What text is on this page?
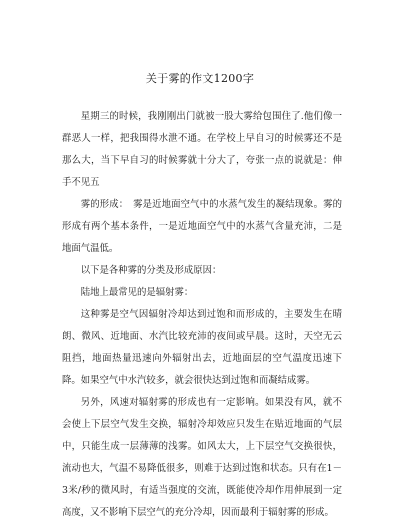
关于雾的作文1200字

星期三的时候，我刚刚出门就被一股大雾给包围住了.他们像一群恶人一样，把我围得水泄不通。在学校上早自习的时候雾还不是那么大，当下早自习的时候雾就十分大了，夸张一点的说就是：伸手不见五

雾的形成：　雾是近地面空气中的水蒸气发生的凝结现象。雾的形成有两个基本条件，一是近地面空气中的水蒸气含量充沛，二是地面气温低。

以下是各种雾的分类及形成原因：

陆地上最常见的是辐射雾：

这种雾是空气因辐射冷却达到过饱和而形成的，主要发生在晴朗、微风、近地面、水汽比较充沛的夜间或早晨。这时，天空无云阻挡，地面热量迅速向外辐射出去，近地面层的空气温度迅速下降。如果空气中水汽较多，就会很快达到过饱和而凝结成雾。

另外，风速对辐射雾的形成也有一定影响。如果没有风，就不会使上下层空气发生交换，辐射冷却效应只发生在贴近地面的气层中，只能生成一层薄薄的浅雾。如风太大，上下层空气交换很快，流动也大，气温不易降低很多，则难于达到过饱和状态。只有在1－3米/秒的微风时，有适当强度的交流，既能使冷却作用伸展到一定高度，又不影响下层空气的充分冷却，因而最利于辐射雾的形成。
